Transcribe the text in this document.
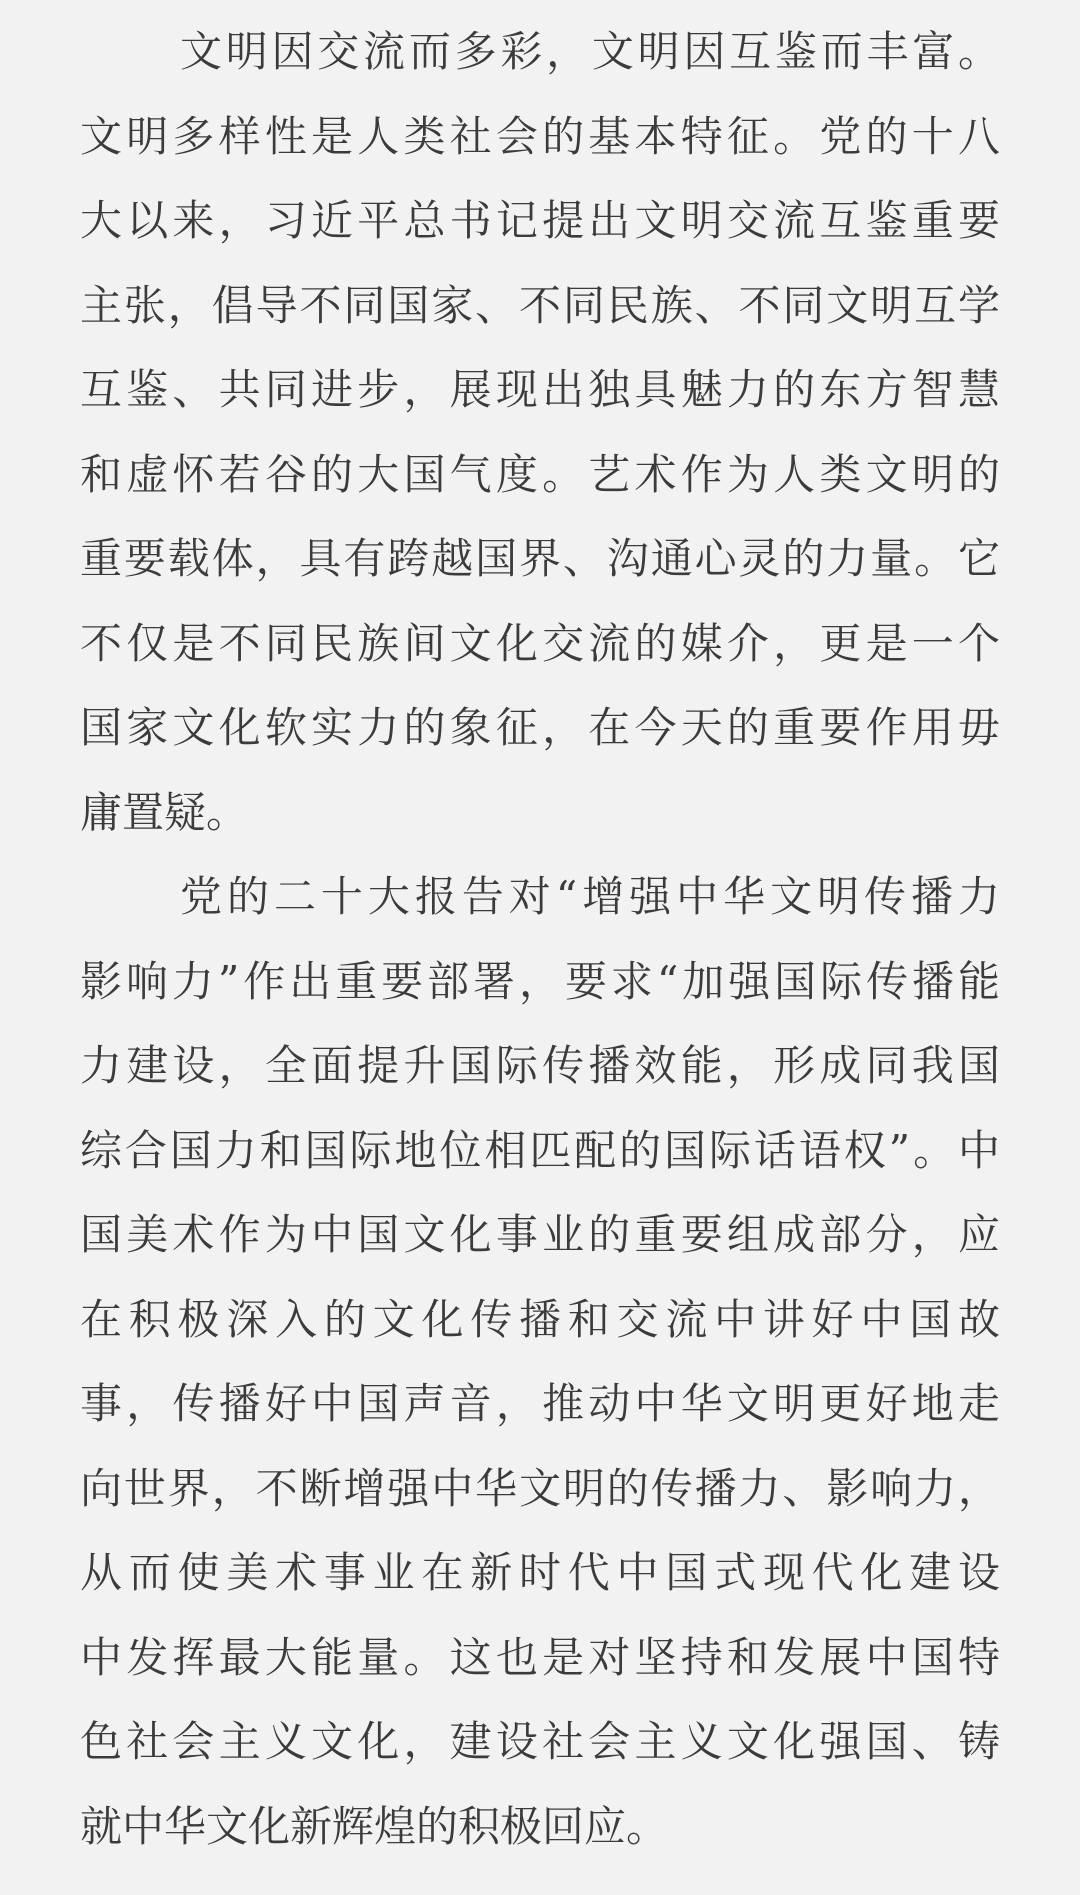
文明因交流而多彩，文明因互鉴而丰富。
文明多样性是人类社会的基本特征。党的十八
大以来，习近平总书记提出文明交流互鉴重要
主张，倡导不同国家、不同民族、不同文明互学
互鉴、共同进步，展现出独具魅力的东方智慧
和虚怀若谷的大国气度。艺术作为人类文明的
重要载体，具有跨越国界、沟通心灵的力量。它
不仅是不同民族间文化交流的媒介，更是一个
国家文化软实力的象征，在今天的重要作用毋
庸置疑。
党的二十大报告对“增强中华文明传播力
影响力”作出重要部署，要求“加强国际传播能
力建设，全面提升国际传播效能，形成同我国
综合国力和国际地位相匹配的国际话语权”。中
国美术作为中国文化事业的重要组成部分，应
在积极深入的文化传播和交流中讲好中国故
事，传播好中国声音，推动中华文明更好地走
向世界，不断增强中华文明的传播力、影响力，
从而使美术事业在新时代中国式现代化建设
中发挥最大能量。这也是对坚持和发展中国特
色社会主义文化，建设社会主义文化强国、铸
就中华文化新辉煌的积极回应。
